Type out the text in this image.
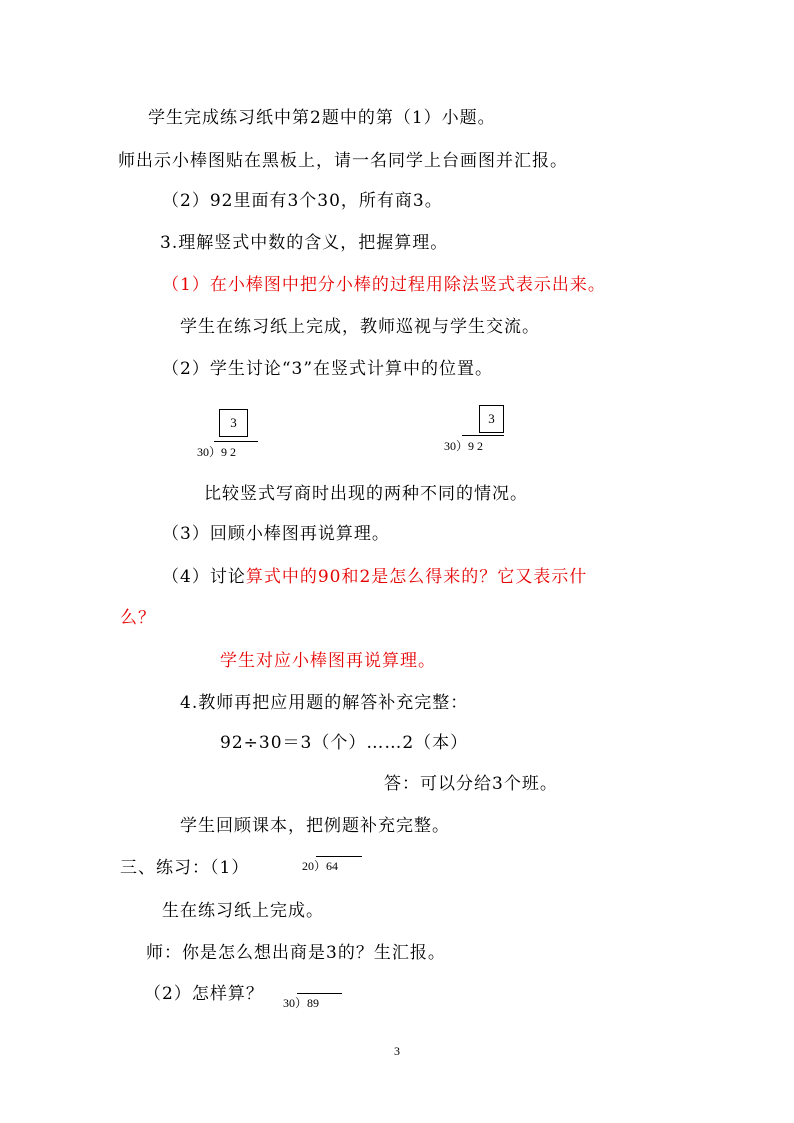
学生完成练习纸中第2题中的第（1）小题。
师出示小棒图贴在黑板上，请一名同学上台画图并汇报。
（2）92里面有3个30，所有商3。
3.理解竖式中数的含义，把握算理。
（1）在小棒图中把分小棒的过程用除法竖式表示出来。
学生在练习纸上完成，教师巡视与学生交流。
（2）学生讨论“3”在竖式计算中的位置。
3
30）9 2
3
30）9 2
比较竖式写商时出现的两种不同的情况。
（3）回顾小棒图再说算理。
（4）讨论算式中的90和2是怎么得来的？它又表示什
么？
学生对应小棒图再说算理。
4.教师再把应用题的解答补充完整：
92÷30＝3（个）……2（本）
答：可以分给3个班。
学生回顾课本，把例题补充完整。
三、练习：（1）	20）64
生在练习纸上完成。
师：你是怎么想出商是3的？生汇报。
（2）怎样算？ 30）89
3
